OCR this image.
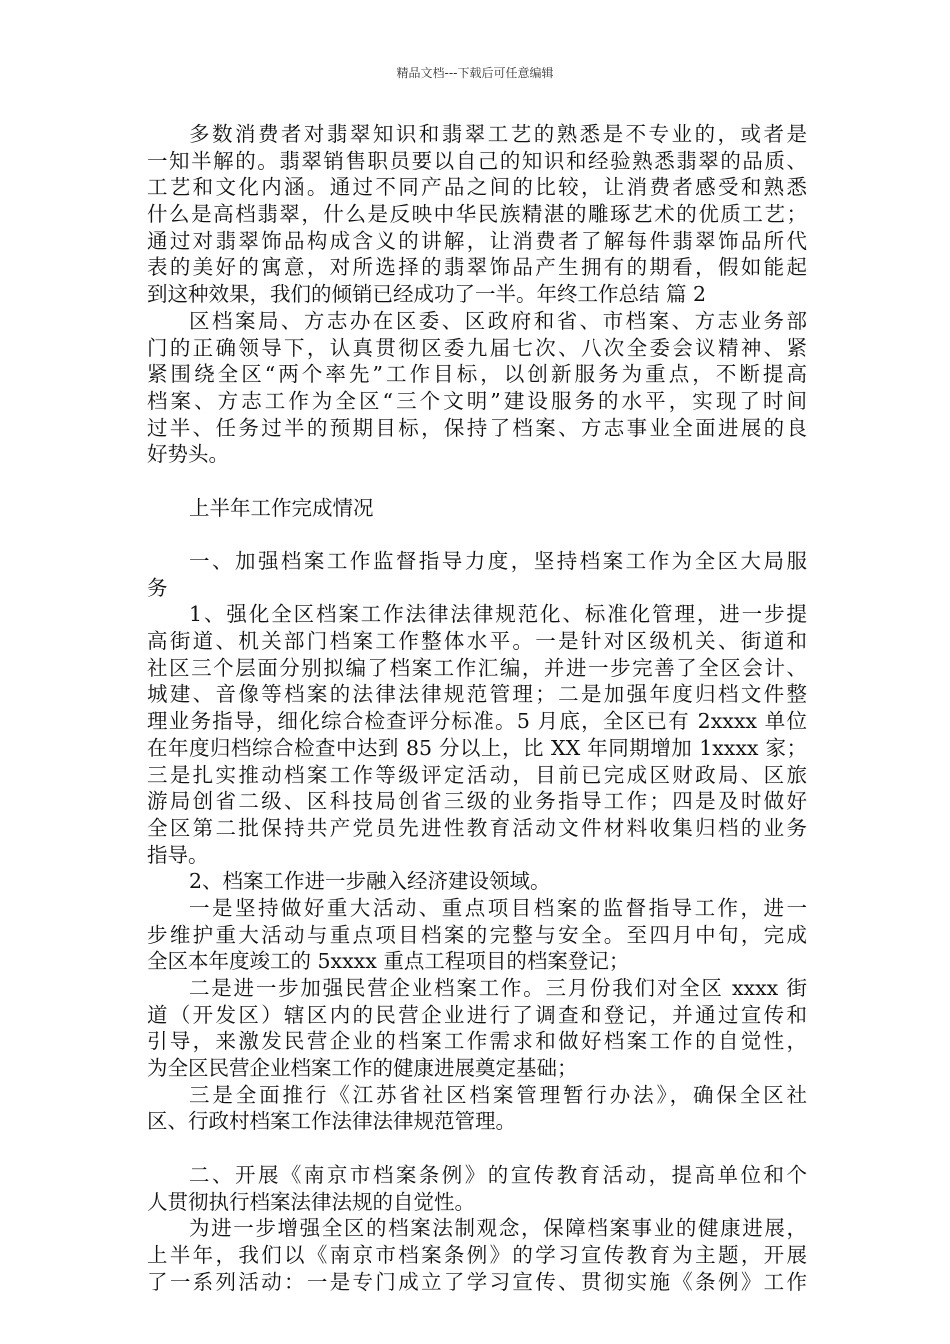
精品文档---下载后可任意编辑
多数消费者对翡翠知识和翡翠工艺的熟悉是不专业的，或者是
一知半解的。翡翠销售职员要以自己的知识和经验熟悉翡翠的品质、
工艺和文化内涵。通过不同产品之间的比较，让消费者感受和熟悉
什么是高档翡翠，什么是反映中华民族精湛的雕琢艺术的优质工艺；
通过对翡翠饰品构成含义的讲解，让消费者了解每件翡翠饰品所代
表的美好的寓意，对所选择的翡翠饰品产生拥有的期看，假如能起
到这种效果，我们的倾销已经成功了一半。年终工作总结 篇 2
区档案局、方志办在区委、区政府和省、市档案、方志业务部
门的正确领导下，认真贯彻区委九届七次、八次全委会议精神、紧
紧围绕全区“两个率先”工作目标，以创新服务为重点，不断提高
档案、方志工作为全区“三个文明”建设服务的水平，实现了时间
过半、任务过半的预期目标，保持了档案、方志事业全面进展的良
好势头。
上半年工作完成情况
一、加强档案工作监督指导力度，坚持档案工作为全区大局服
务
1、强化全区档案工作法律法律规范化、标准化管理，进一步提
高街道、机关部门档案工作整体水平。一是针对区级机关、街道和
社区三个层面分别拟编了档案工作汇编，并进一步完善了全区会计、
城建、音像等档案的法律法律规范管理；二是加强年度归档文件整
理业务指导，细化综合检查评分标准。5 月底，全区已有 2xxxx 单位
在年度归档综合检查中达到 85 分以上，比 XX 年同期增加 1xxxx 家；
三是扎实推动档案工作等级评定活动，目前已完成区财政局、区旅
游局创省二级、区科技局创省三级的业务指导工作；四是及时做好
全区第二批保持共产党员先进性教育活动文件材料收集归档的业务
指导。
2、档案工作进一步融入经济建设领域。
一是坚持做好重大活动、重点项目档案的监督指导工作，进一
步维护重大活动与重点项目档案的完整与安全。至四月中旬，完成
全区本年度竣工的 5xxxx 重点工程项目的档案登记；
二是进一步加强民营企业档案工作。三月份我们对全区 xxxx 街
道（开发区）辖区内的民营企业进行了调查和登记，并通过宣传和
引导，来激发民营企业的档案工作需求和做好档案工作的自觉性，
为全区民营企业档案工作的健康进展奠定基础；
三是全面推行《江苏省社区档案管理暂行办法》，确保全区社
区、行政村档案工作法律法律规范管理。
二、开展《南京市档案条例》的宣传教育活动，提高单位和个
人贯彻执行档案法律法规的自觉性。
为进一步增强全区的档案法制观念，保障档案事业的健康进展，
上半年，我们以《南京市档案条例》的学习宣传教育为主题，开展
了一系列活动：一是专门成立了学习宣传、贯彻实施《条例》工作
